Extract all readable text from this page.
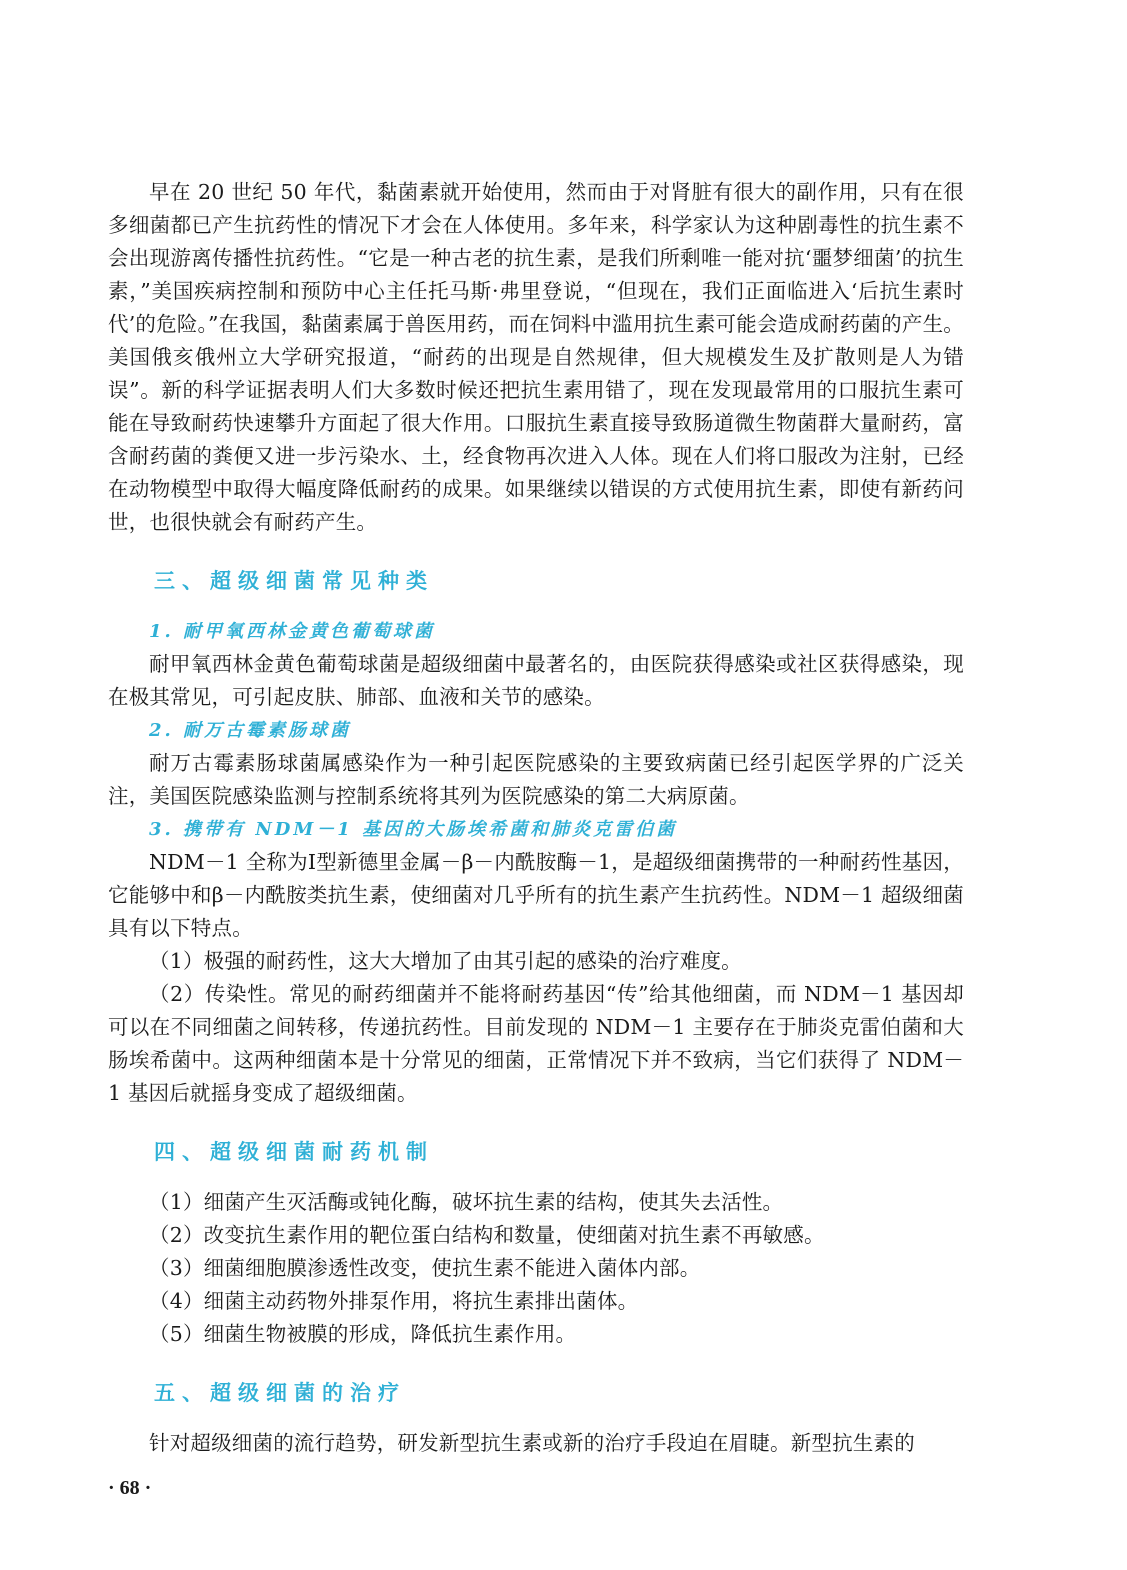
早在 20 世纪 50 年代，黏菌素就开始使用，然而由于对肾脏有很大的副作用，只有在很多细菌都已产生抗药性的情况下才会在人体使用。多年来，科学家认为这种剧毒性的抗生素不会出现游离传播性抗药性。“它是一种古老的抗生素，是我们所剩唯一能对抗‘噩梦细菌’的抗生素，”美国疾病控制和预防中心主任托马斯·弗里登说，“但现在，我们正面临进入‘后抗生素时代’的危险。”在我国，黏菌素属于兽医用药，而在饲料中滥用抗生素可能会造成耐药菌的产生。美国俄亥俄州立大学研究报道，“耐药的出现是自然规律，但大规模发生及扩散则是人为错误”。新的科学证据表明人们大多数时候还把抗生素用错了，现在发现最常用的口服抗生素可能在导致耐药快速攀升方面起了很大作用。口服抗生素直接导致肠道微生物菌群大量耐药，富含耐药菌的粪便又进一步污染水、土，经食物再次进入人体。现在人们将口服改为注射，已经在动物模型中取得大幅度降低耐药的成果。如果继续以错误的方式使用抗生素，即使有新药问世，也很快就会有耐药产生。

三、超级细菌常见种类
1. 耐甲氧西林金黄色葡萄球菌

耐甲氧西林金黄色葡萄球菌是超级细菌中最著名的，由医院获得感染或社区获得感染，现在极其常见，可引起皮肤、肺部、血液和关节的感染。

2. 耐万古霉素肠球菌

耐万古霉素肠球菌属感染作为一种引起医院感染的主要致病菌已经引起医学界的广泛关注，美国医院感染监测与控制系统将其列为医院感染的第二大病原菌。

3. 携带有 NDM－1 基因的大肠埃希菌和肺炎克雷伯菌

NDM－1 全称为Ⅰ型新德里金属－β－内酰胺酶－1，是超级细菌携带的一种耐药性基因，它能够中和β－内酰胺类抗生素，使细菌对几乎所有的抗生素产生抗药性。NDM－1 超级细菌具有以下特点。

（1）极强的耐药性，这大大增加了由其引起的感染的治疗难度。

（2）传染性。常见的耐药细菌并不能将耐药基因“传”给其他细菌，而 NDM－1 基因却可以在不同细菌之间转移，传递抗药性。目前发现的 NDM－1 主要存在于肺炎克雷伯菌和大肠埃希菌中。这两种细菌本是十分常见的细菌，正常情况下并不致病，当它们获得了 NDM－1 基因后就摇身变成了超级细菌。

四、超级细菌耐药机制

（1）细菌产生灭活酶或钝化酶，破坏抗生素的结构，使其失去活性。

（2）改变抗生素作用的靶位蛋白结构和数量，使细菌对抗生素不再敏感。

（3）细菌细胞膜渗透性改变，使抗生素不能进入菌体内部。

（4）细菌主动药物外排泵作用，将抗生素排出菌体。

（5）细菌生物被膜的形成，降低抗生素作用。

五、超级细菌的治疗

针对超级细菌的流行趋势，研发新型抗生素或新的治疗手段迫在眉睫。新型抗生素的

· 68 ·
